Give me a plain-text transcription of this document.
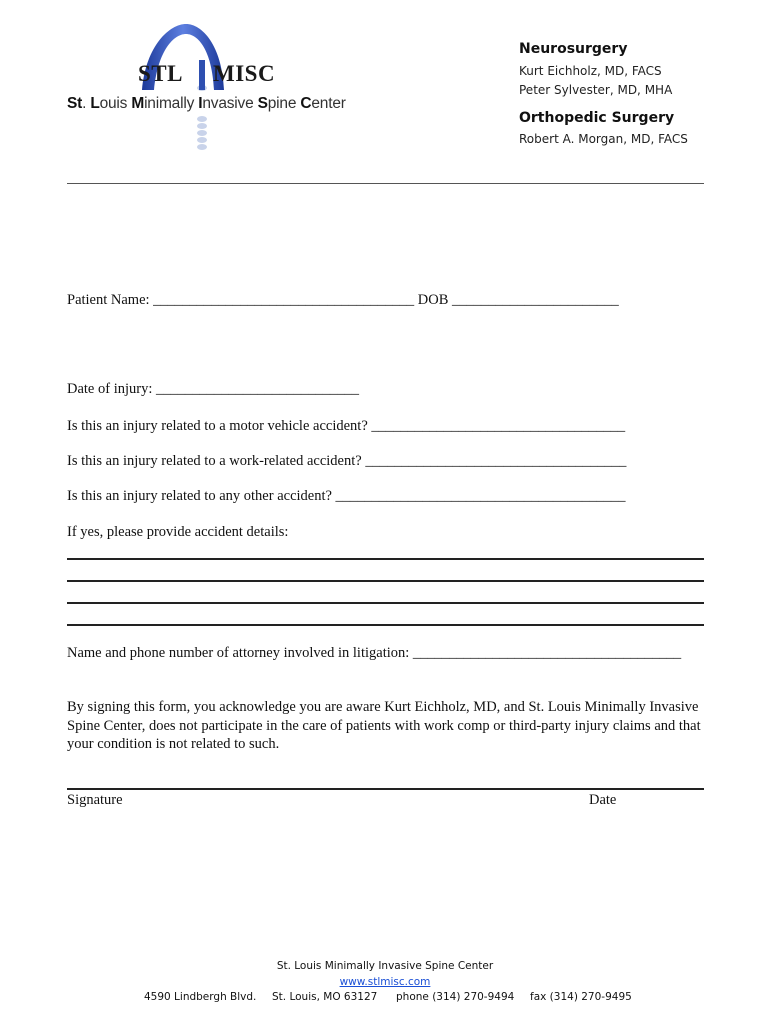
STL MISC
St. Louis Minimally Invasive Spine Center
Neurosurgery
Kurt Eichholz, MD, FACS
Peter Sylvester, MD, MHA
Orthopedic Surgery
Robert A. Morgan, MD, FACS
Patient Name: ____________________________________ DOB _______________________
Date of injury: ____________________________
Is this an injury related to a motor vehicle accident? ___________________________________
Is this an injury related to a work-related accident? ____________________________________
Is this an injury related to any other accident? ________________________________________
If yes, please provide accident details:
Name and phone number of attorney involved in litigation: _____________________________________
By signing this form, you acknowledge you are aware Kurt Eichholz, MD, and St. Louis Minimally Invasive Spine Center, does not participate in the care of patients with work comp or third-party injury claims and that your condition is not related to such.
Signature	Date
St. Louis Minimally Invasive Spine Center
www.stlmisc.com
4590 Lindbergh Blvd. St. Louis, MO 63127 phone (314) 270-9494 fax (314) 270-9495
